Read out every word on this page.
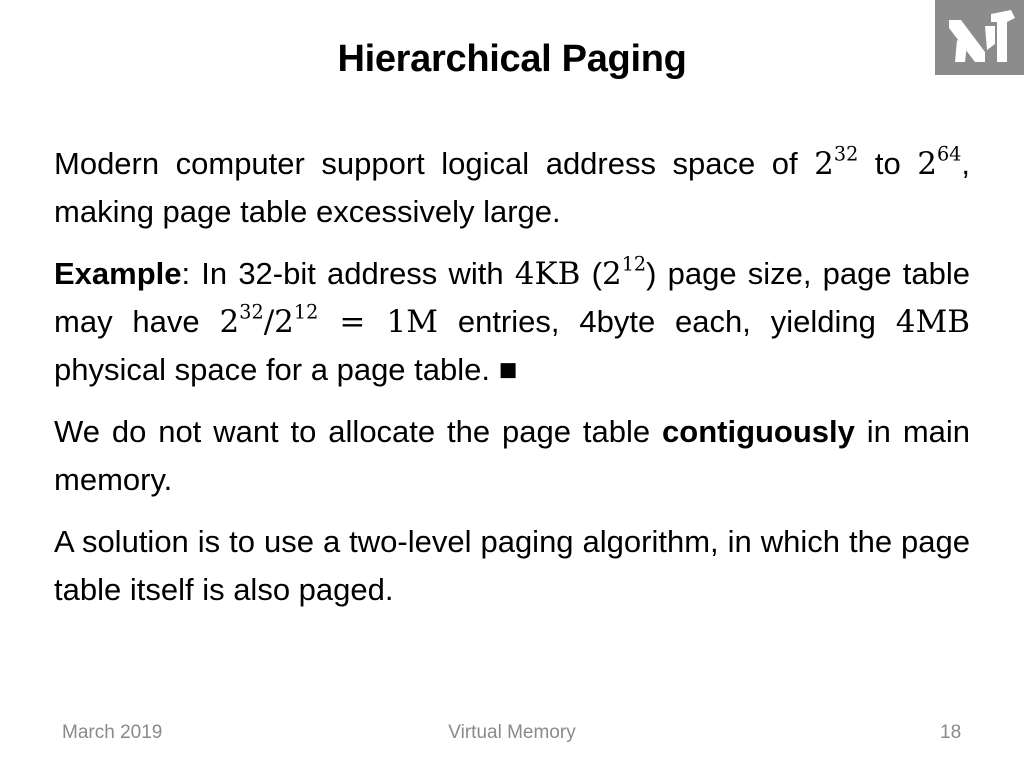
Hierarchical Paging

Modern computer support logical address space of $2^{32}$ to $2^{64}$, making page table excessively large.

Example: In 32-bit address with 4KB $(2^{12})$ page size, page table may have $2^{32}/2^{12} = 1M$ entries, 4byte each, yielding 4MB physical space for a page table. ■

We do not want to allocate the page table contiguously in main memory.

A solution is to use a two-level paging algorithm, in which the page table itself is also paged.

March 2019	Virtual Memory	18
